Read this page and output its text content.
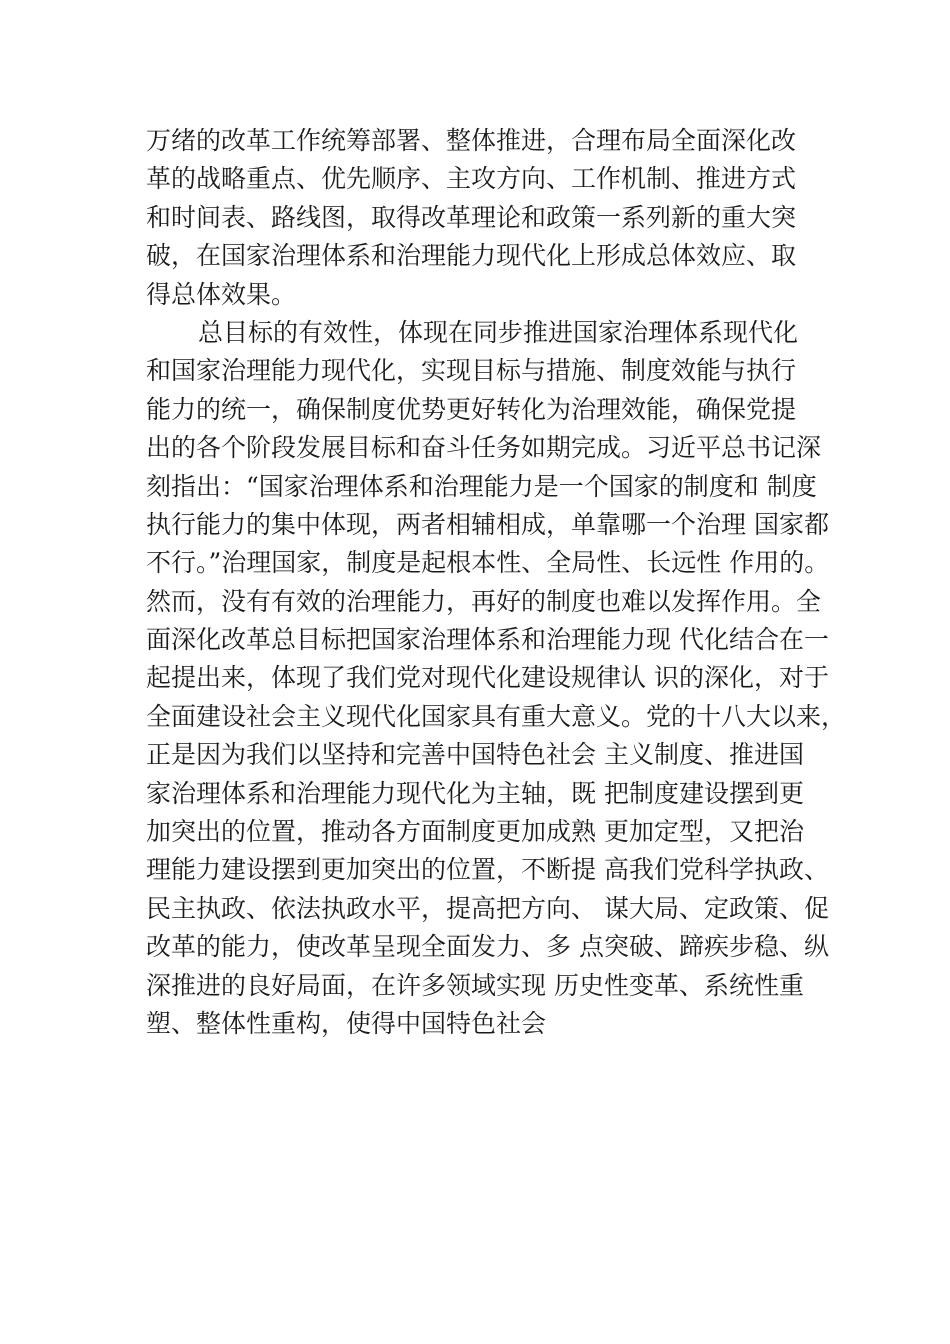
万绪的改革工作统筹部署、整体推进，合理布局全面深化改
革的战略重点、优先顺序、主攻方向、工作机制、推进方式
和时间表、路线图，取得改革理论和政策一系列新的重大突
破，在国家治理体系和治理能力现代化上形成总体效应、取
得总体效果。
总目标的有效性，体现在同步推进国家治理体系现代化
和国家治理能力现代化，实现目标与措施、制度效能与执行
能力的统一，确保制度优势更好转化为治理效能，确保党提
出的各个阶段发展目标和奋斗任务如期完成。习近平总书记深
刻指出：“国家治理体系和治理能力是一个国家的制度和 制度
执行能力的集中体现，两者相辅相成，单靠哪一个治理 国家都
不行。”治理国家，制度是起根本性、全局性、长远性 作用的。
然而，没有有效的治理能力，再好的制度也难以发挥作用。全
面深化改革总目标把国家治理体系和治理能力现 代化结合在一
起提出来，体现了我们党对现代化建设规律认 识的深化，对于
全面建设社会主义现代化国家具有重大意义。党的十八大以来，
正是因为我们以坚持和完善中国特色社会 主义制度、推进国
家治理体系和治理能力现代化为主轴，既 把制度建设摆到更
加突出的位置，推动各方面制度更加成熟 更加定型，又把治
理能力建设摆到更加突出的位置，不断提 高我们党科学执政、
民主执政、依法执政水平，提高把方向、 谋大局、定政策、促
改革的能力，使改革呈现全面发力、多 点突破、蹄疾步稳、纵
深推进的良好局面，在许多领域实现 历史性变革、系统性重
塑、整体性重构，使得中国特色社会
